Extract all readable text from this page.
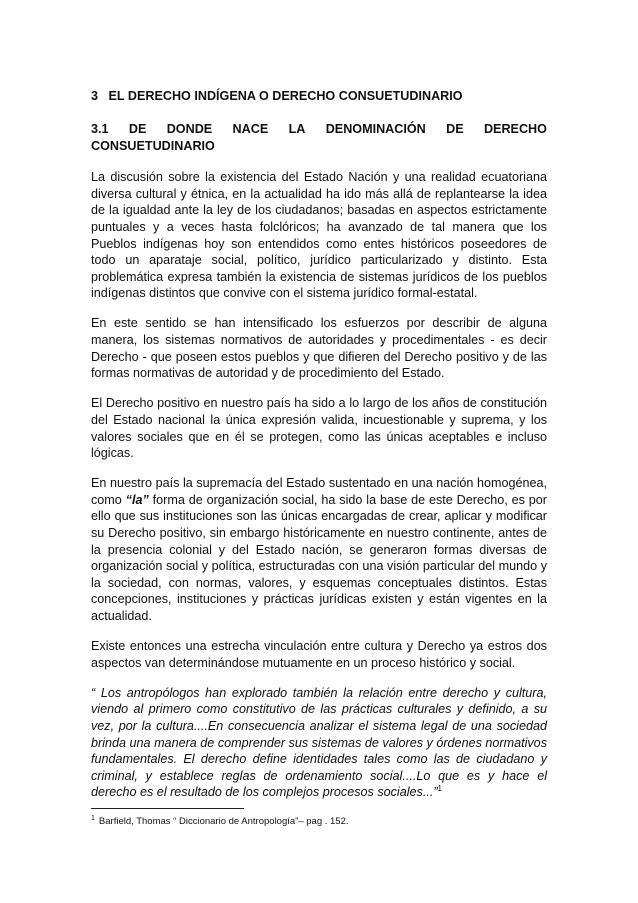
3 EL DERECHO INDÍGENA O DERECHO CONSUETUDINARIO
3.1 DE DONDE NACE LA DENOMINACIÓN DE DERECHO
CONSUETUDINARIO

La discusión sobre la existencia del Estado Nación y una realidad ecuatoriana diversa cultural y étnica, en la actualidad ha ido más allá de replantearse la idea de la igualdad ante la ley de los ciudadanos; basadas en aspectos estrictamente puntuales y a veces hasta folclóricos; ha avanzado de tal manera que los Pueblos indígenas hoy son entendidos como entes históricos poseedores de todo un aparataje social, político, jurídico particularizado y distinto. Esta problemática expresa también la existencia de sistemas jurídicos de los pueblos indígenas distintos que convive con el sistema jurídico formal-estatal.

En este sentido se han intensificado los esfuerzos por describir de alguna manera, los sistemas normativos de autoridades y procedimentales - es decir Derecho - que poseen estos pueblos y que difieren del Derecho positivo y de las formas normativas de autoridad y de procedimiento del Estado.

El Derecho positivo en nuestro país ha sido a lo largo de los años de constitución del Estado nacional la única expresión valida, incuestionable y suprema, y los valores sociales que en él se protegen, como las únicas aceptables e incluso lógicas.

En nuestro país la supremacía del Estado sustentado en una nación homogénea, como “la” forma de organización social, ha sido la base de este Derecho, es por ello que sus instituciones son las únicas encargadas de crear, aplicar y modificar su Derecho positivo, sin embargo históricamente en nuestro continente, antes de la presencia colonial y del Estado nación, se generaron formas diversas de organización social y política, estructuradas con una visión particular del mundo y la sociedad, con normas, valores, y esquemas conceptuales distintos. Estas concepciones, instituciones y prácticas jurídicas existen y están vigentes en la actualidad.

Existe entonces una estrecha vinculación entre cultura y Derecho ya estros dos aspectos van determinándose mutuamente en un proceso histórico y social.

“ Los antropólogos han explorado también la relación entre derecho y cultura, viendo al primero como constitutivo de las prácticas culturales y definido, a su vez, por la cultura....En consecuencia analizar el sistema legal de una sociedad brinda una manera de comprender sus sistemas de valores y órdenes normativos fundamentales. El derecho define identidades tales como las de ciudadano y criminal, y establece reglas de ordenamiento social....Lo que es y hace el derecho es el resultado de los complejos procesos sociales...”$^1$

$^1$ Barfield, Thomas “ Diccionario de Antropología”– pag . 152.
